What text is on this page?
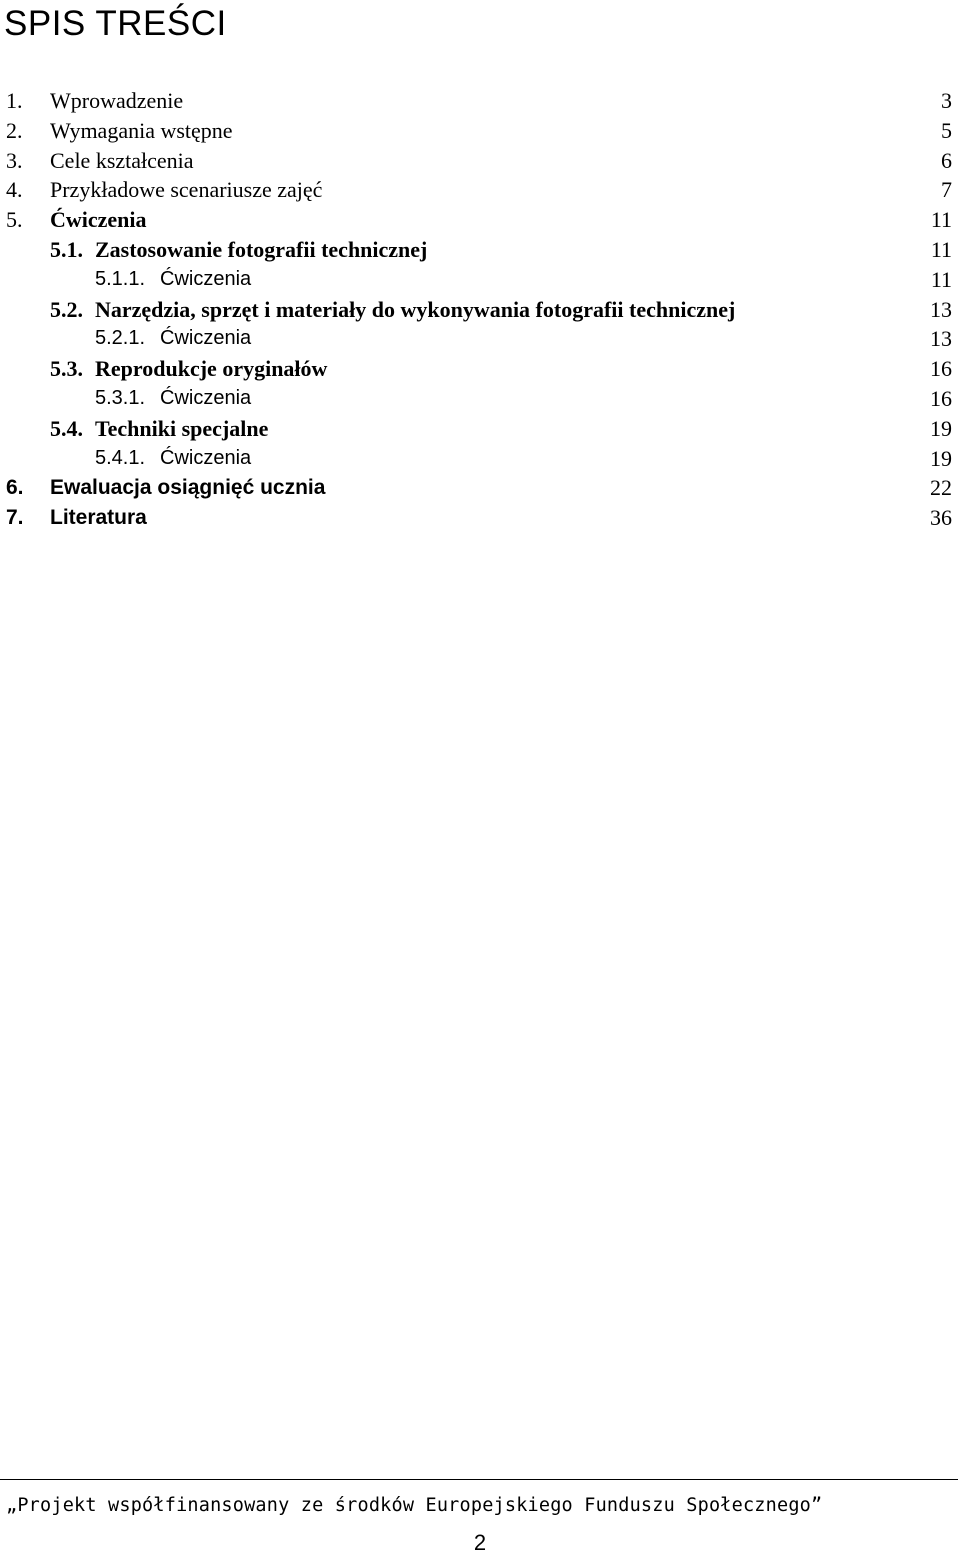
SPIS TREŚCI
1. Wprowadzenie	3
2. Wymagania wstępne	5
3. Cele kształcenia	6
4. Przykładowe scenariusze zajęć	7
5. Ćwiczenia	11
5.1. Zastosowanie fotografii technicznej	11
5.1.1. Ćwiczenia	11
5.2. Narzędzia, sprzęt i materiały do wykonywania fotografii technicznej	13
5.2.1. Ćwiczenia	13
5.3. Reprodukcje oryginałów	16
5.3.1. Ćwiczenia	16
5.4. Techniki specjalne	19
5.4.1. Ćwiczenia	19
6. Ewaluacja osiągnięć ucznia	22
7. Literatura	36
„Projekt współfinansowany ze środków Europejskiego Funduszu Społecznego”
2
